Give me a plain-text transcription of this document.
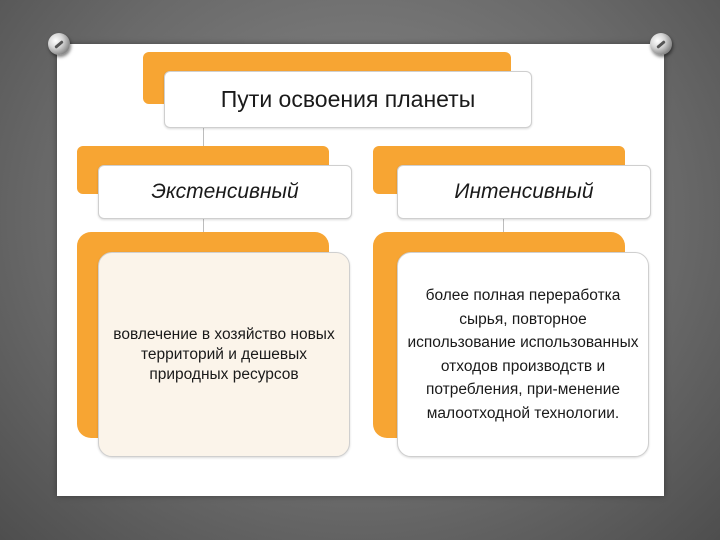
Пути освоения планеты
Экстенсивный	Интенсивный
вовлечение в хозяйство новых территорий и дешевых природных ресурсов
более полная переработка сырья, повторное использование использованных отходов производств и потребления, при-менение малоотходной технологии.
